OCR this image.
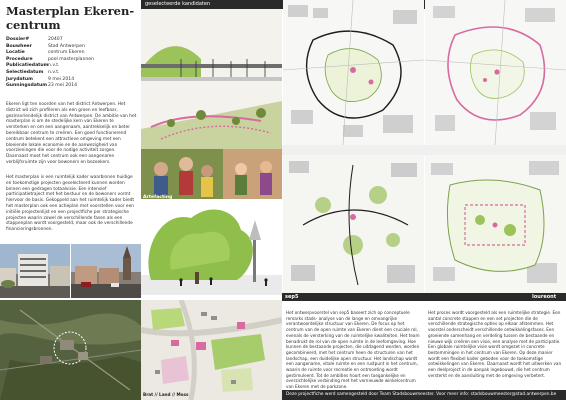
Masterplan Ekeren-centrum
Dossier#	20407
Bouwheer	Stad Antwerpen
Locatie	centrum Ekeren
Procedure	pool masterplannen
Publicatiedatum n.v.t.
Selectiedatum	n.v.t.
Jurydatum	9 mei 2014
Gunningsdatum 23 mei 2014

Ekeren ligt ten noorden van het district Antwerpen. Het district wil zich profileren als een groen en leefbaar, gezinsvriendelijk district van Antwerpen. De ambitie van het masterplan is om de stedelijke kern van Ekeren te versterken en om een aangenaam, aantrekkelijk en beter bereikbaar centrum te creëren. Een goed functionerend centrum betekent een attractieve omgeving met een bloeiende lokale economie en de aanwezigheid van voorzieningen die voor de nodige activiteit zorgen. Daarnaast moet het centrum ook een aangename verblijfsruimte zijn voor bewoners en bezoekers.

Het masterplan is een ruimtelijk kader waarbinnen huidige en toekomstige projecten geselecteerd kunnen worden binnen een gedragen totaalvisie. Een intensief participatietraject met het bestuur en de bewoners vormt hiervoor de basis. Gekoppeld aan het ruimtelijk kader biedt het masterplan ook een actieplan met voorstellen voor een initiële projectenlijst en een projectfiche per strategische projecten waarin zowel de verschillende fasen als een stappenplan wordt voorgesteld, maar ook de verschillende financieringsbronnen.

geselecteerde kandidaten
Artefacting
Brat // Land // Moss
sep5	Ioureont

Het ontwerpvoorstel van sep5 baseert zich op conceptuele remarks stads- analyse van de lange en omvangrijke verantwoordelijke structuur van Ekeren. De focus op het centrum van de open ruimte van Ekeren dient een cruciale rol, evenals de versterking van de ruimtelijke kwaliteiten. Het team benadrukt de rol van de open ruimte in de leefomgeving. Hoe kunnen de bestaande projecten, die uitdagend worden, worden gecombineerd, met het centrum heen de structuren van het landschap, een duidelijke open structuur. Het landschap wordt een aangename, vitale ruimte en een rustpunt in het centrum, waarin de ruimte voor recreatie en ontmoeting wordt gestimuleerd. Tot de ambities hoort een toegankelijke en overzichtelijke verbinding met het vernieuwde winkelcentrum van Ekeren met de parkzone.

Het proces wordt voorgesteld als een ruimtelijke strategie. Een aantal concrete stappen en een set projecten die de verschillende strategische opties op elkaar afstemmen. Het voorstel onderscheidt verschillende ontwikkelingsfases. Een groeiende samenhang en verdeling tussen de bestaande en nieuwe wijk creëren een visie, een analyse met de participatie. Een globale ruimtelijke visie wordt omgezet in concrete bestemmingen in het centrum van Ekeren. Op deze manier wordt een flexibel kader geboden voor de toekomstige ontwikkelingen van Ekeren. Daarnaast wordt het uitwerken van een deelproject in de aanpak ingebouwd, die het centrum versterkt en de aansluiting met de omgeving verbetert.

Deze projectfiche werd samengesteld door Team Stadsbouwmeester. Voor meer info: stadsbouwmeester@stad.antwerpen.be
